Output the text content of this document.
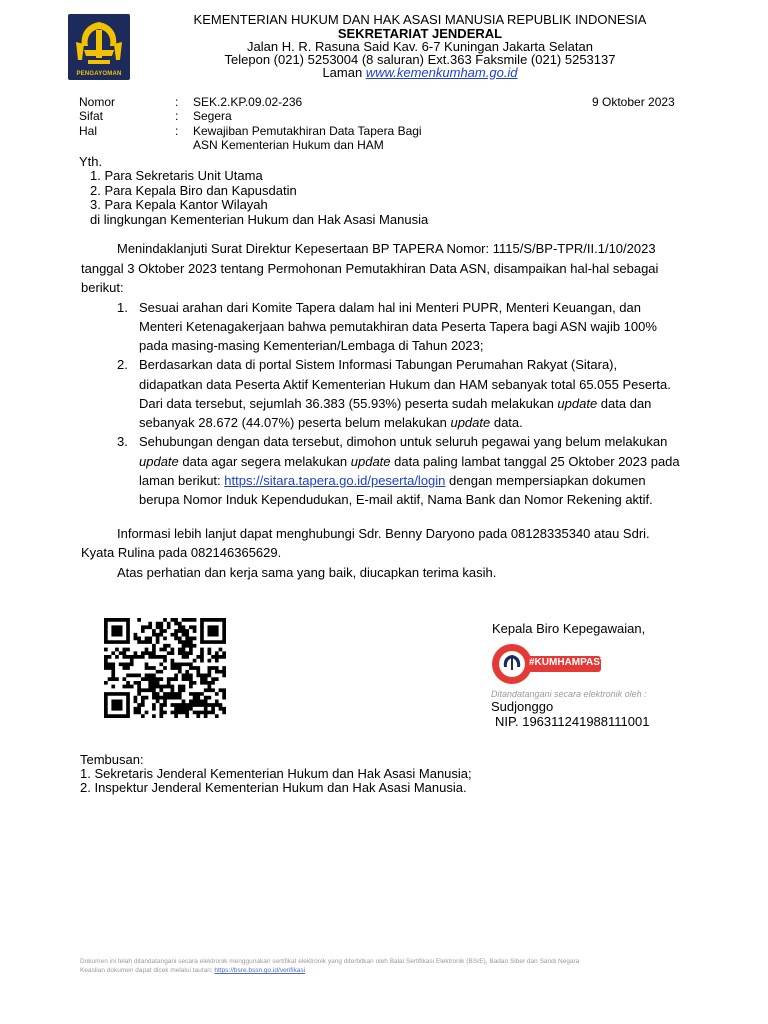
PENGAYOMAN
KEMENTERIAN HUKUM DAN HAK ASASI MANUSIA REPUBLIK INDONESIA
SEKRETARIAT JENDERAL
Jalan H. R. Rasuna Said Kav. 6-7 Kuningan Jakarta Selatan
Telepon (021) 5253004 (8 saluran) Ext.363 Faksmile (021) 5253137
Laman www.kemenkumham.go.id
Nomor	: SEK.2.KP.09.02-236	9 Oktober 2023
Sifat	: Segera
Hal	: Kewajiban Pemutakhiran Data Tapera Bagi
ASN Kementerian Hukum dan HAM
Yth.
1. Para Sekretaris Unit Utama
2. Para Kepala Biro dan Kapusdatin
3. Para Kepala Kantor Wilayah
di lingkungan Kementerian Hukum dan Hak Asasi Manusia
Menindaklanjuti Surat Direktur Kepesertaan BP TAPERA Nomor: 1115/S/BP-TPR/II.1/10/2023
tanggal 3 Oktober 2023 tentang Permohonan Pemutakhiran Data ASN, disampaikan hal-hal sebagai
berikut:
1. Sesuai arahan dari Komite Tapera dalam hal ini Menteri PUPR, Menteri Keuangan, dan
Menteri Ketenagakerjaan bahwa pemutakhiran data Peserta Tapera bagi ASN wajib 100%
pada masing-masing Kementerian/Lembaga di Tahun 2023;
2. Berdasarkan data di portal Sistem Informasi Tabungan Perumahan Rakyat (Sitara),
didapatkan data Peserta Aktif Kementerian Hukum dan HAM sebanyak total 65.055 Peserta.
Dari data tersebut, sejumlah 36.383 (55.93%) peserta sudah melakukan update data dan
sebanyak 28.672 (44.07%) peserta belum melakukan update data.
3. Sehubungan dengan data tersebut, dimohon untuk seluruh pegawai yang belum melakukan
update data agar segera melakukan update data paling lambat tanggal 25 Oktober 2023 pada
laman berikut: https://sitara.tapera.go.id/peserta/login dengan mempersiapkan dokumen
berupa Nomor Induk Kependudukan, E-mail aktif, Nama Bank dan Nomor Rekening aktif.
Informasi lebih lanjut dapat menghubungi Sdr. Benny Daryono pada 08128335340 atau Sdri.
Kyata Rulina pada 082146365629.
Atas perhatian dan kerja sama yang baik, diucapkan terima kasih.
Kepala Biro Kepegawaian,
#KUMHAMPASTI
Ditandatangani secara elektronik oleh :
Sudjonggo
NIP. 196311241988111001
Tembusan:
1. Sekretaris Jenderal Kementerian Hukum dan Hak Asasi Manusia;
2. Inspektur Jenderal Kementerian Hukum dan Hak Asasi Manusia.
Dokumen ini telah ditandatangani secara elektronik menggunakan sertifikat elektronik yang diterbitkan oleh Balai Sertifikasi Elektronik (BSrE), Badan Siber dan Sandi Negara
Keaslian dokumen dapat dicek melalui tautan: https://bsre.bssn.go.id/verifikasi
